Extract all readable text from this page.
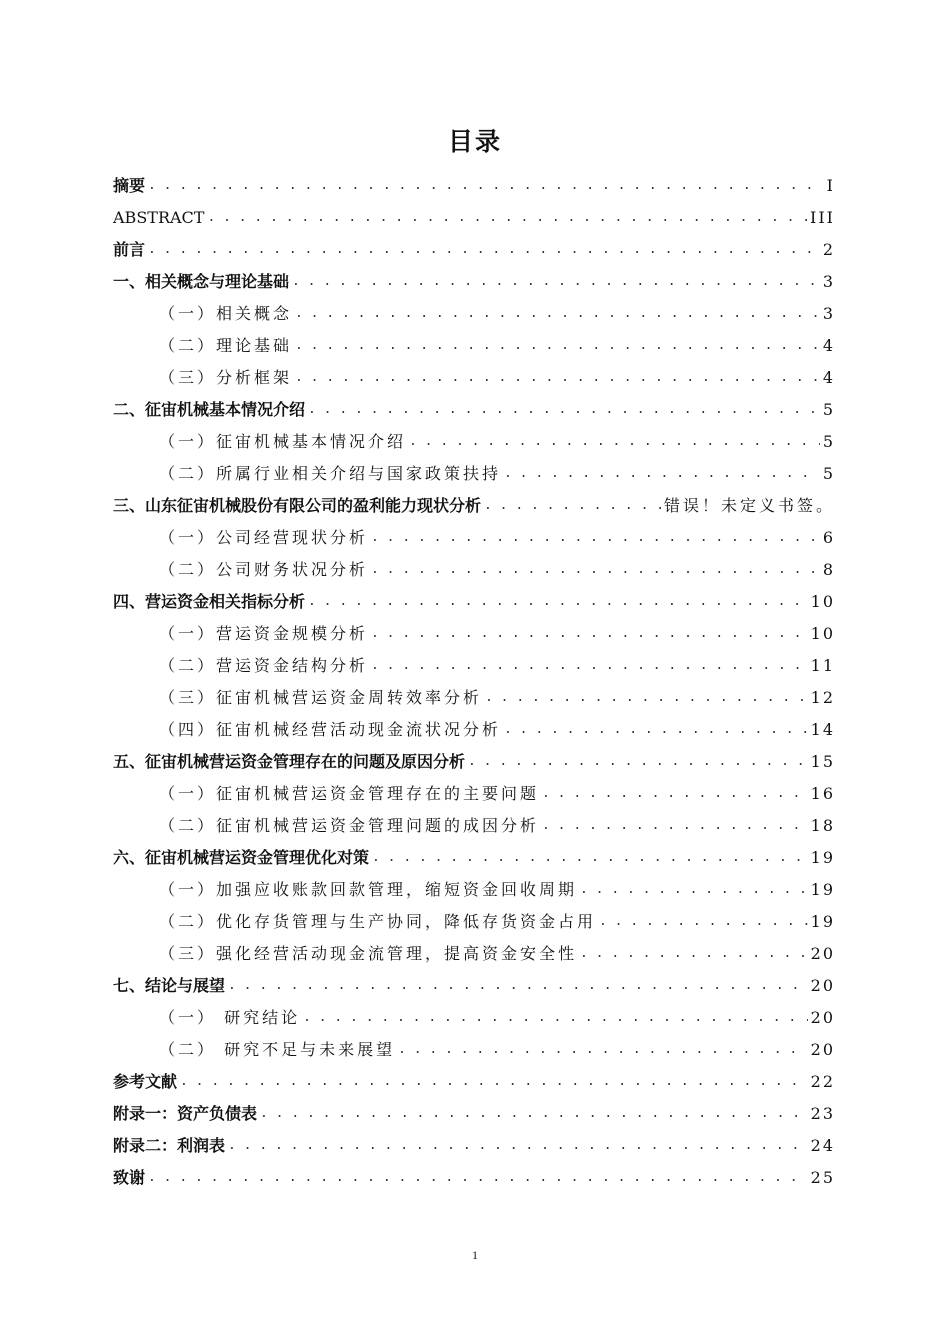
目录
摘要 . . .	I
ABSTRACT . . .	III
前言 . . .	2
一、 相关概念与理论基础 . . .	3
（一）相关概念 . . .	3
（二）理论基础 . . .	4
（三）分析框架 . . .	4
二、 征宙机械基本情况介绍 . . .	5
（一）征宙机械基本情况介绍 . . .	5
（二）所属行业相关介绍与国家政策扶持 . . .	5
三、 山东征宙机械股份有限公司的盈利能力现状分析 . . .	错误！未定义书签。
（一）公司经营现状分析 . . .	6
（二）公司财务状况分析 . . .	8
四、 营运资金相关指标分析 . . .	10
（一）营运资金规模分析 . . .	10
（二）营运资金结构分析 . . .	11
（三）征宙机械营运资金周转效率分析 . . .	12
（四）征宙机械经营活动现金流状况分析 . . .	14
五、 征宙机械营运资金管理存在的问题及原因分析 . . .	15
（一）征宙机械营运资金管理存在的主要问题 . . .	16
（二）征宙机械营运资金管理问题的成因分析 . . .	18
六、 征宙机械营运资金管理优化对策 . . .	19
（一）加强应收账款回款管理，缩短资金回收周期 . . .	19
（二）优化存货管理与生产协同，降低存货资金占用 . . .	19
（三）强化经营活动现金流管理，提高资金安全性 . . .	20
七、 结论与展望 . . .	20
（一） 研究结论 . . .	20
（二） 研究不足与未来展望 . . .	20
参考文献 . . .	22
附录一：资产负债表 . . .	23
附录二：利润表 . . .	24
致谢 . . .	25
1
